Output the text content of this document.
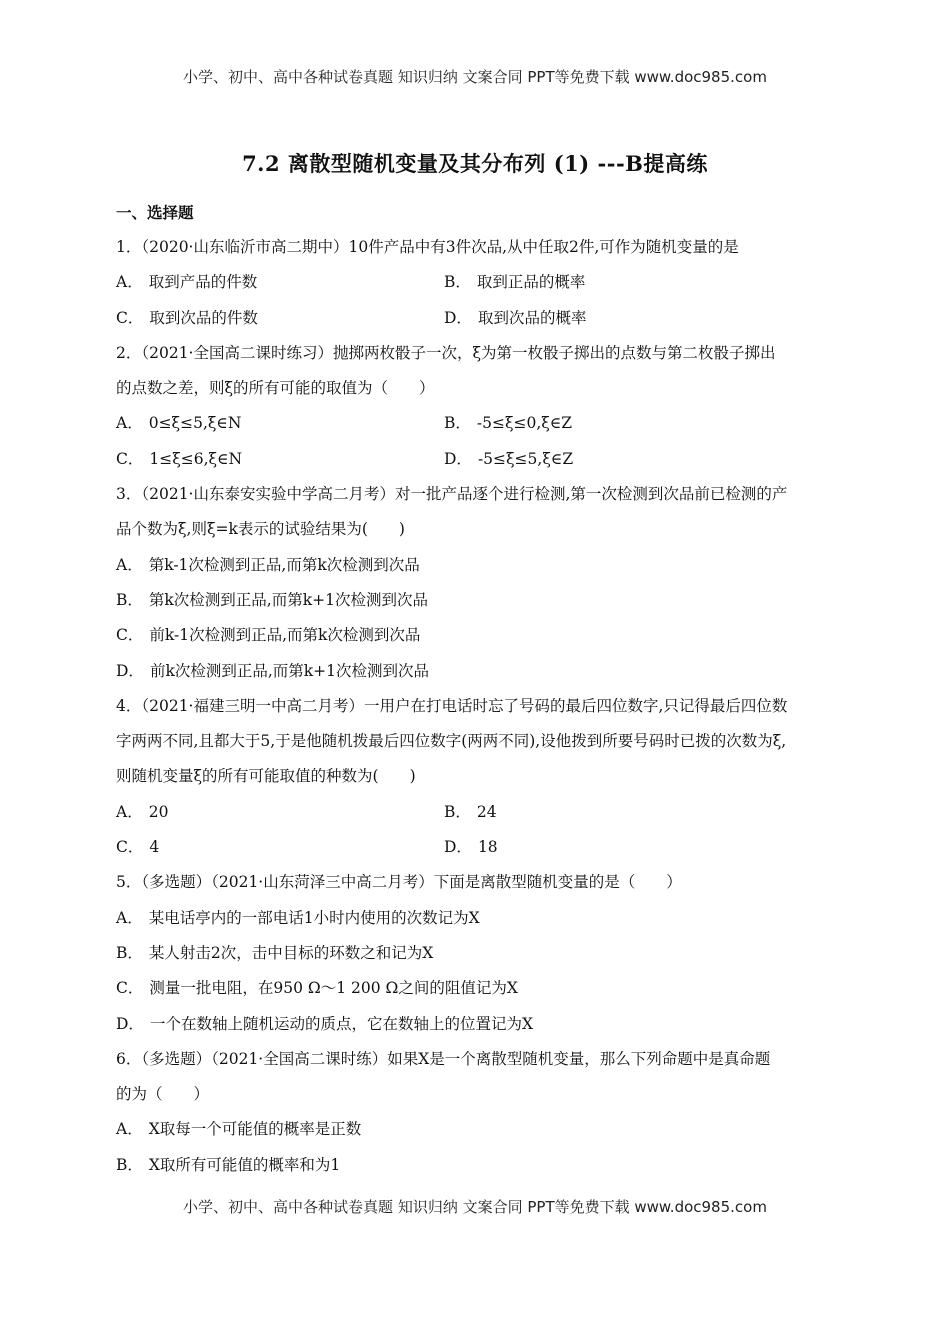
小学、初中、高中各种试卷真题 知识归纳 文案合同 PPT等免费下载 www.doc985.com
7.2 离散型随机变量及其分布列 (1) ---B提高练
一、选择题
1．（2020·山东临沂市高二期中）10件产品中有3件次品,从中任取2件,可作为随机变量的是
A． 取到产品的件数	B． 取到正品的概率
C． 取到次品的件数	D． 取到次品的概率
2．（2021·全国高二课时练习）抛掷两枚骰子一次，ξ为第一枚骰子掷出的点数与第二枚骰子掷出
的点数之差，则ξ的所有可能的取值为（　　）
A． 0≤ξ≤5,ξ∈N	B． -5≤ξ≤0,ξ∈Z
C． 1≤ξ≤6,ξ∈N	D． -5≤ξ≤5,ξ∈Z
3．（2021·山东泰安实验中学高二月考）对一批产品逐个进行检测,第一次检测到次品前已检测的产
品个数为ξ,则ξ=k表示的试验结果为(　　)
A． 第k-1次检测到正品,而第k次检测到次品
B． 第k次检测到正品,而第k+1次检测到次品
C． 前k-1次检测到正品,而第k次检测到次品
D． 前k次检测到正品,而第k+1次检测到次品
4．（2021·福建三明一中高二月考）一用户在打电话时忘了号码的最后四位数字,只记得最后四位数
字两两不同,且都大于5,于是他随机拨最后四位数字(两两不同),设他拨到所要号码时已拨的次数为ξ,
则随机变量ξ的所有可能取值的种数为(　　)
A． 20	B． 24
C． 4	D． 18
5．（多选题）（2021·山东菏泽三中高二月考）下面是离散型随机变量的是（　　）
A． 某电话亭内的一部电话1小时内使用的次数记为X
B． 某人射击2次，击中目标的环数之和记为X
C． 测量一批电阻，在950 Ω～1 200 Ω之间的阻值记为X
D． 一个在数轴上随机运动的质点，它在数轴上的位置记为X
6．（多选题）（2021·全国高二课时练）如果X是一个离散型随机变量，那么下列命题中是真命题
的为（　　）
A． X取每一个可能值的概率是正数
B． X取所有可能值的概率和为1
小学、初中、高中各种试卷真题 知识归纳 文案合同 PPT等免费下载 www.doc985.com
